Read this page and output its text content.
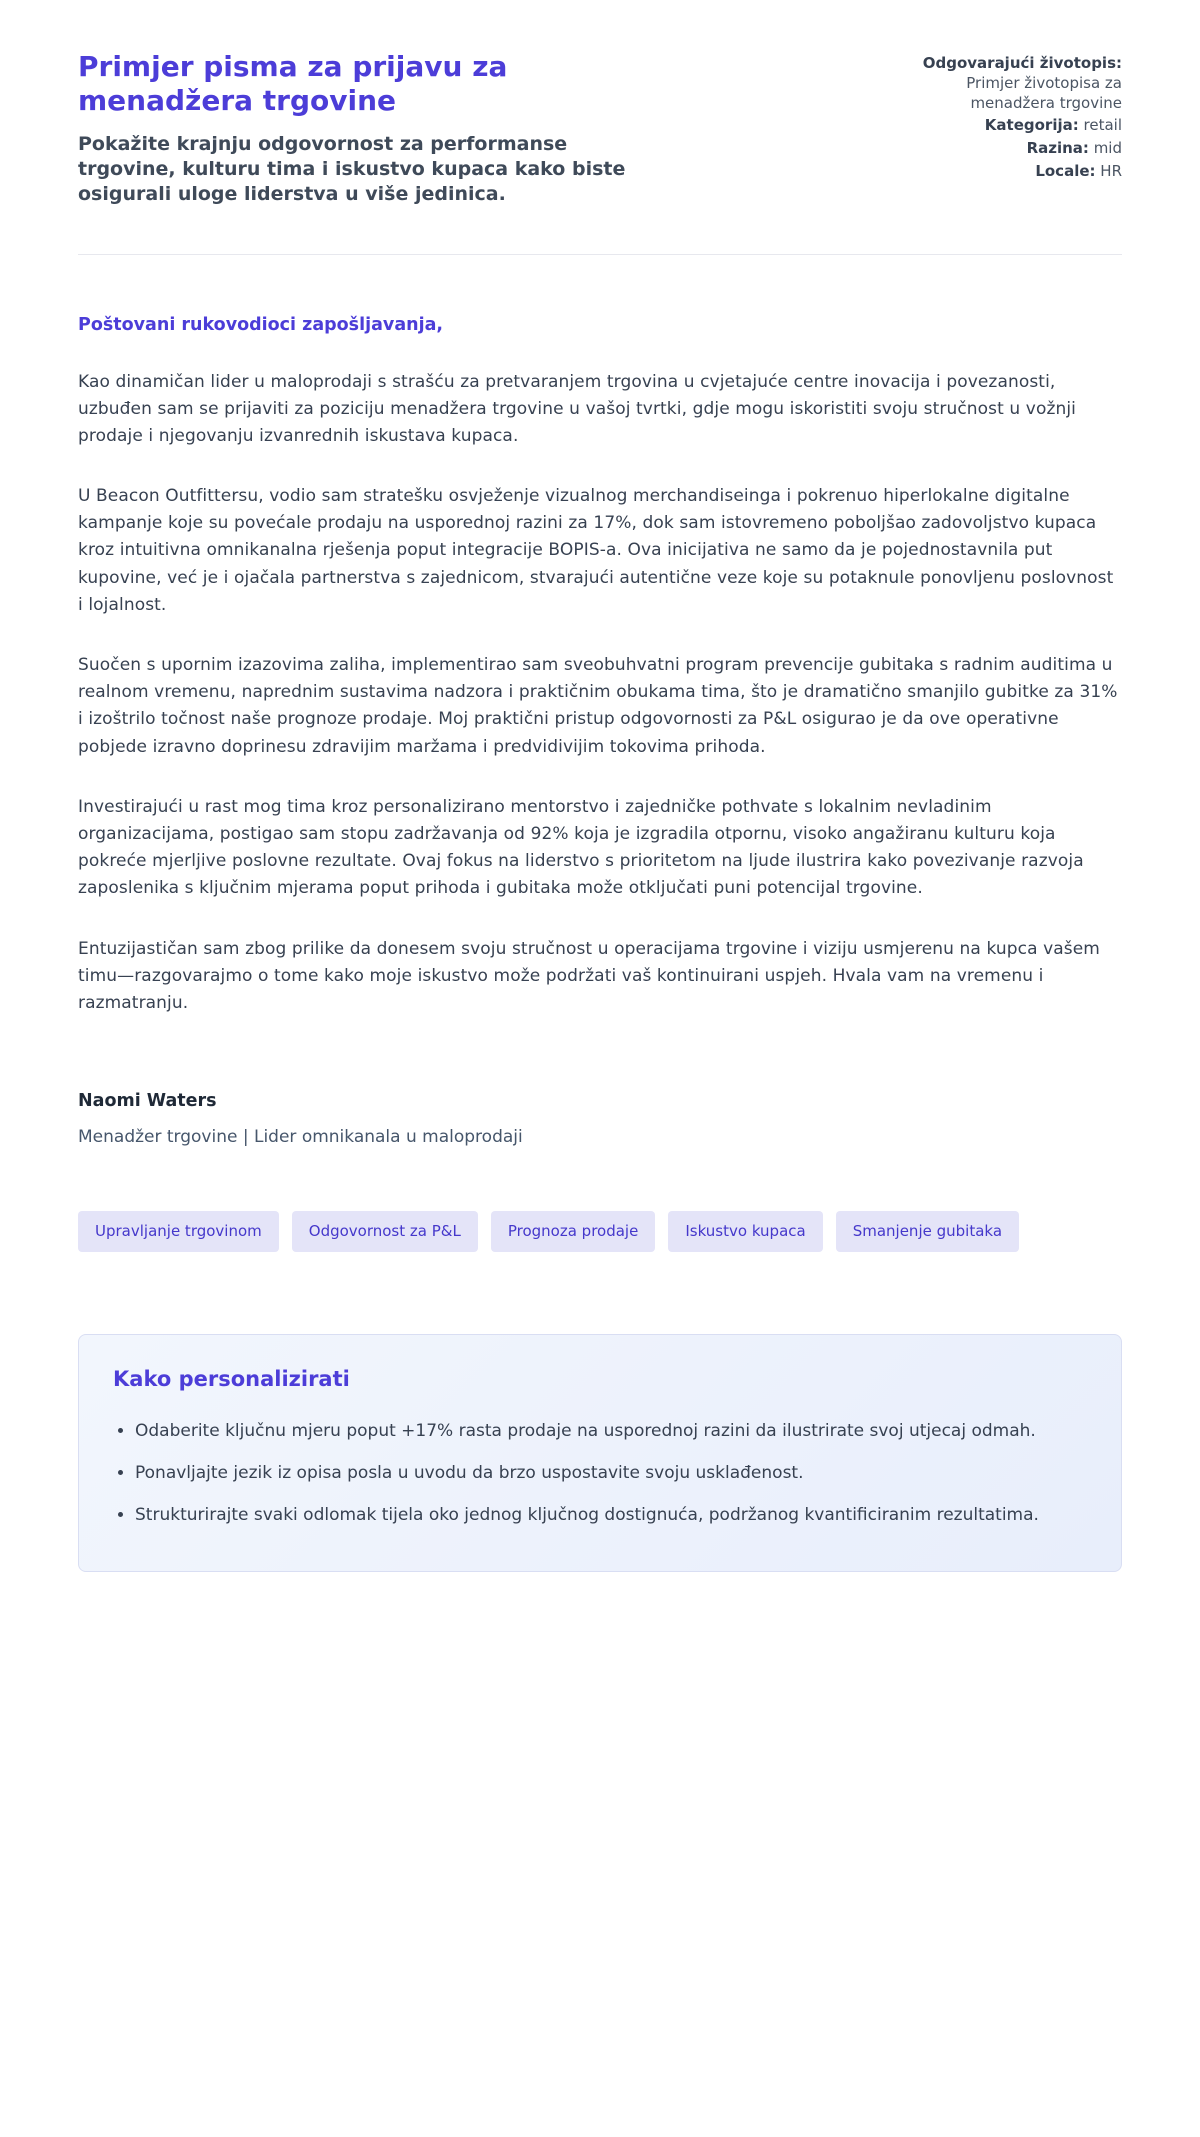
Primjer pisma za prijavu za menadžera trgovine

Pokažite krajnju odgovornost za performanse trgovine, kulturu tima i iskustvo kupaca kako biste osigurali uloge liderstva u više jedinica.

Odgovarajući životopis: Primjer životopisa za menadžera trgovine
Kategorija: retail
Razina: mid
Locale: HR

Poštovani rukovodioci zapošljavanja,

Kao dinamičan lider u maloprodaji s strašću za pretvaranjem trgovina u cvjetajuće centre inovacija i povezanosti, uzbuđen sam se prijaviti za poziciju menadžera trgovine u vašoj tvrtki, gdje mogu iskoristiti svoju stručnost u vožnji prodaje i njegovanju izvanrednih iskustava kupaca.

U Beacon Outfittersu, vodio sam stratešku osvježenje vizualnog merchandiseinga i pokrenuo hiperlokalne digitalne kampanje koje su povećale prodaju na usporednoj razini za 17%, dok sam istovremeno poboljšao zadovoljstvo kupaca kroz intuitivna omnikanalna rješenja poput integracije BOPIS-a. Ova inicijativa ne samo da je pojednostavnila put kupovine, već je i ojačala partnerstva s zajednicom, stvarajući autentične veze koje su potaknule ponovljenu poslovnost i lojalnost.

Suočen s upornim izazovima zaliha, implementirao sam sveobuhvatni program prevencije gubitaka s radnim auditima u realnom vremenu, naprednim sustavima nadzora i praktičnim obukama tima, što je dramatično smanjilo gubitke za 31% i izoštrilo točnost naše prognoze prodaje. Moj praktični pristup odgovornosti za P&L osigurao je da ove operativne pobjede izravno doprinesu zdravijim maržama i predvidivijim tokovima prihoda.

Investirajući u rast mog tima kroz personalizirano mentorstvo i zajedničke pothvate s lokalnim nevladinim organizacijama, postigao sam stopu zadržavanja od 92% koja je izgradila otpornu, visoko angažiranu kulturu koja pokreće mjerljive poslovne rezultate. Ovaj fokus na liderstvo s prioritetom na ljude ilustrira kako povezivanje razvoja zaposlenika s ključnim mjerama poput prihoda i gubitaka može otključati puni potencijal trgovine.

Entuzijastičan sam zbog prilike da donesem svoju stručnost u operacijama trgovine i viziju usmjerenu na kupca vašem timu—razgovarajmo o tome kako moje iskustvo može podržati vaš kontinuirani uspjeh. Hvala vam na vremenu i razmatranju.

Naomi Waters
Menadžer trgovine | Lider omnikanala u maloprodaji
Upravljanje trgovinom	Odgovornost za P&L	Prognoza prodaje	Iskustvo kupaca	Smanjenje gubitaka
Kako personalizirati
• Odaberite ključnu mjeru poput +17% rasta prodaje na usporednoj razini da ilustrirate svoj utjecaj odmah.
• Ponavljajte jezik iz opisa posla u uvodu da brzo uspostavite svoju usklađenost.
• Strukturirajte svaki odlomak tijela oko jednog ključnog dostignuća, podržanog kvantificiranim rezultatima.
